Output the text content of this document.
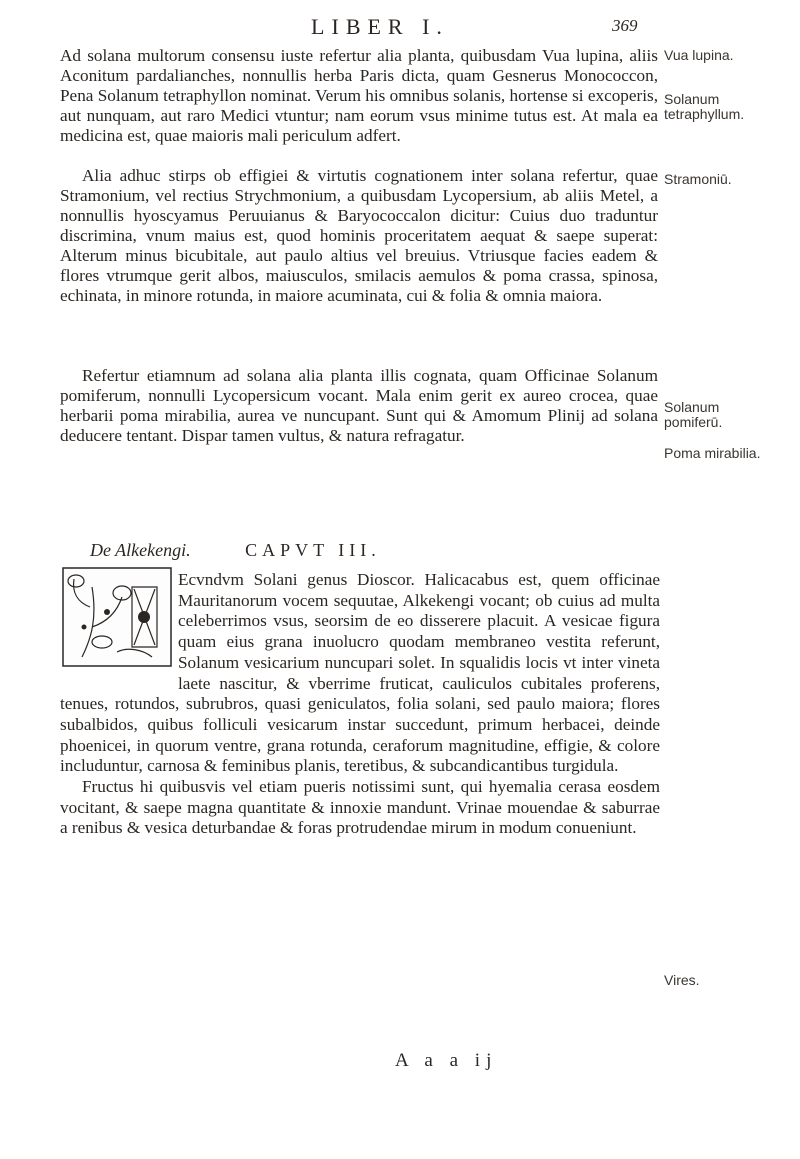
LIBER I.	369

Ad solana multorum consensu iuste refertur alia planta, quibusdam Vua lupina, aliis Aconitum pardalianches, nonnullis herba Paris dicta, quam Gesnerus Monococcon, Pena Solanum tetraphyllon nominat. Verum his omnibus solanis, hortense si excoperis, aut nunquam, aut raro Medici vtuntur; nam eorum vsus minime tutus est. At mala ea medicina est, quae maioris mali periculum adfert.

Alia adhuc stirps ob effigiei & virtutis cognationem inter solana refertur, quae Stramonium, vel rectius Strychmonium, a quibusdam Lycopersium, ab aliis Metel, a nonnullis hyoscyamus Peruuianus & Baryococcalon dicitur: Cuius duo traduntur discrimina, vnum maius est, quod hominis proceritatem aequat & saepe superat: Alterum minus bicubitale, aut paulo altius vel breuius. Vtriusque facies eadem & flores vtrumque gerit albos, maiusculos, smilacis aemulos & poma crassa, spinosa, echinata, in minore rotunda, in maiore acuminata, cui & folia & omnia maiora.

Refertur etiamnum ad solana alia planta illis cognata, quam Officinae Solanum pomiferum, nonnulli Lycopersicum vocant. Mala enim gerit ex aureo crocea, quae herbarii poma mirabilia, aurea ve nuncupant. Sunt qui & Amomum Plinij ad solana deducere tentant. Dispar tamen vultus, & natura refragatur.

Vua lupina.
Solanum tetraphyllum.
Stramoniū.
Solanum pomiferū.
Poma mirabilia.
Vires.
De Alkekengi.	CAPVT III.

Ecvndvm Solani genus Dioscor. Halicacabus est, quem officinae Mauritanorum vocem sequutae, Alkekengi vocant; ob cuius ad multa celeberrimos vsus, seorsim de eo disserere placuit. A vesicae figura quam eius grana inuolucro quodam membraneo vestita referunt, Solanum vesicarium nuncupari solet. In squalidis locis vt inter vineta laete nascitur, & vberrime fruticat, cauliculos cubitales proferens, tenues, rotundos, subrubros, quasi geniculatos, folia solani, sed paulo maiora; flores subalbidos, quibus folliculi vesicarum instar succedunt, primum herbacei, deinde phoenicei, in quorum ventre, grana rotunda, ceraforum magnitudine, effigie, & colore includuntur, carnosa & feminibus planis, teretibus, & subcandicantibus turgidula.

Fructus hi quibusvis vel etiam pueris notissimi sunt, qui hyemalia cerasa eosdem vocitant, & saepe magna quantitate & innoxie mandunt. Vrinae mouendae & saburrae a renibus & vesica deturbandae & foras protrudendae mirum in modum conueniunt.

A a a ij
